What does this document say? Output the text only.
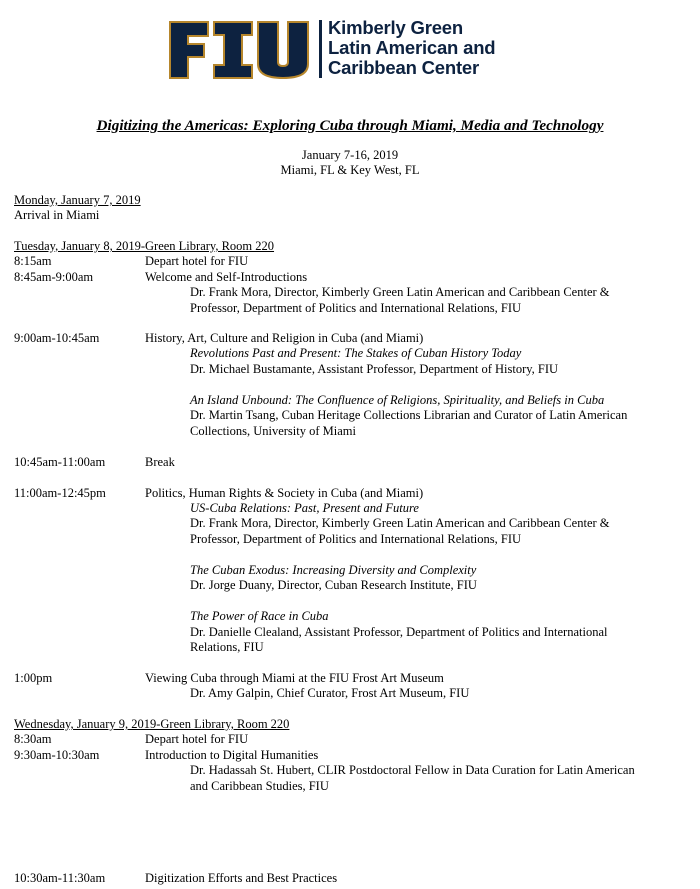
Kimberly Green
Latin American and
Caribbean Center
Digitizing the Americas: Exploring Cuba through Miami, Media and Technology
January 7-16, 2019
Miami, FL & Key West, FL
Monday, January 7, 2019
Arrival in Miami
Tuesday, January 8, 2019-Green Library, Room 220
8:15am	Depart hotel for FIU
8:45am-9:00am	Welcome and Self-Introductions
Dr. Frank Mora, Director, Kimberly Green Latin American and Caribbean Center &
Professor, Department of Politics and International Relations, FIU
9:00am-10:45am	History, Art, Culture and Religion in Cuba (and Miami)
Revolutions Past and Present: The Stakes of Cuban History Today
Dr. Michael Bustamante, Assistant Professor, Department of History, FIU
An Island Unbound: The Confluence of Religions, Spirituality, and Beliefs in Cuba
Dr. Martin Tsang, Cuban Heritage Collections Librarian and Curator of Latin American
Collections, University of Miami
10:45am-11:00am	Break
11:00am-12:45pm	Politics, Human Rights & Society in Cuba (and Miami)
US-Cuba Relations: Past, Present and Future
Dr. Frank Mora, Director, Kimberly Green Latin American and Caribbean Center &
Professor, Department of Politics and International Relations, FIU
The Cuban Exodus: Increasing Diversity and Complexity
Dr. Jorge Duany, Director, Cuban Research Institute, FIU
The Power of Race in Cuba
Dr. Danielle Clealand, Assistant Professor, Department of Politics and International
Relations, FIU
1:00pm	Viewing Cuba through Miami at the FIU Frost Art Museum
Dr. Amy Galpin, Chief Curator, Frost Art Museum, FIU
Wednesday, January 9, 2019-Green Library, Room 220
8:30am	Depart hotel for FIU
9:30am-10:30am	Introduction to Digital Humanities
Dr. Hadassah St. Hubert, CLIR Postdoctoral Fellow in Data Curation for Latin American
and Caribbean Studies, FIU
10:30am-11:30am	Digitization Efforts and Best Practices
